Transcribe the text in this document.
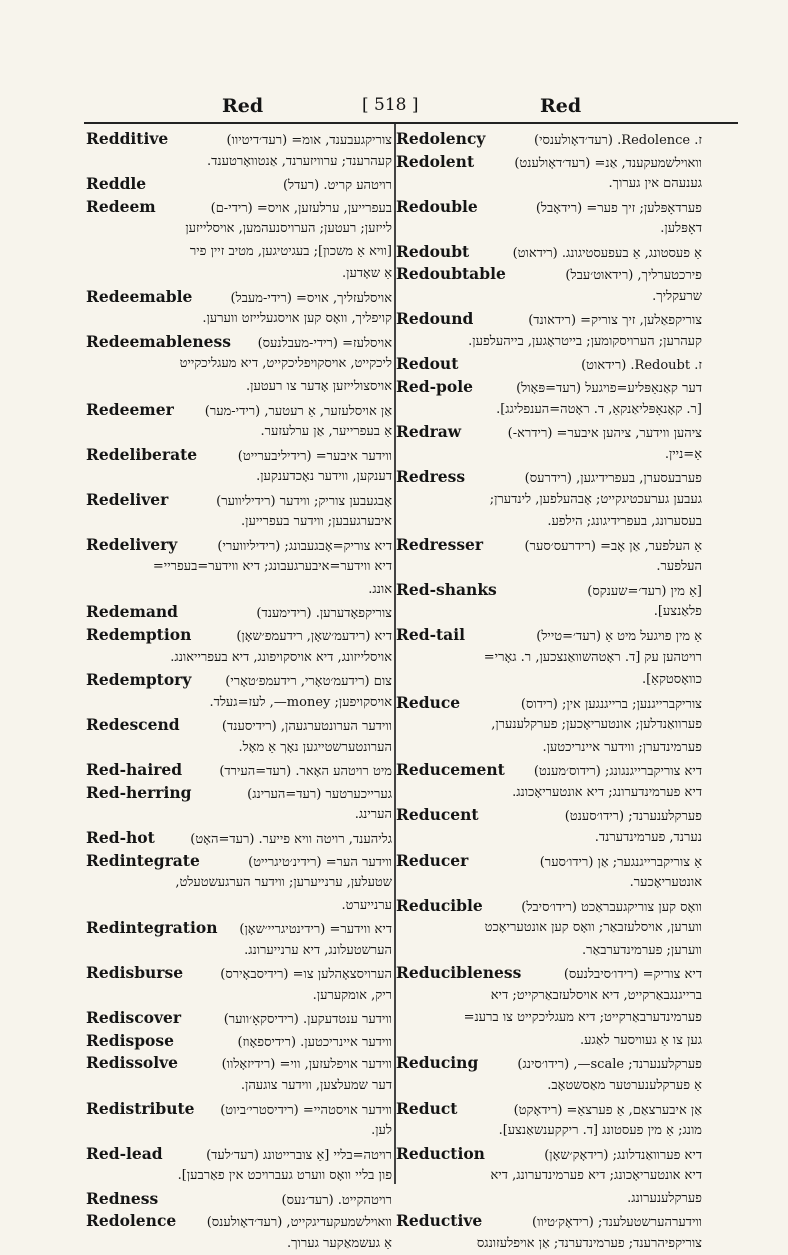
Red	[ 518 ]	Red
Redditive	צוריקגעבענד, אומ= (רעד׳דיטיוו)
קעהרענד; ערוויזערנד, אַנטוואָרטענד.
Reddle	רויטהע קריט. (רעדל)
Redeem	בעפרייען, ערלעזען, אויס= (רידי-ם)
לייזען; רעטען; הערויסנעהמען, אויסלייזען
[וויא אַ משכון]; בעגיטיגען, מטיב זיין פיר
אַ שאָדען.
Redeemable	אויסלעזליך, אויס= (רידי-מעבל)
קויפליך, וואָס קען אויסגעלייזט ווערען.
Redeemableness	אויסלעז= (רידי-מעבלנעס)
ליכקייט, אויסקויפליכקייט, דיא מעגליכקייט
אויסצולייזען אָדער צו רעטען.
Redeemer	אַן אויסלעזער, אַ רעטער, (רידי-מער)
אַ בעפרייער, אַן ערלעזער.
Redeliberate	ווידער איבער= (רידיליבערייט)
דענקען, ווידער נאָכדענקען.
Redeliver	אָבגעבען צוריק; ווידער (רידיליווער)
איבערגעבען; ווידער בעפרייען.
Redelivery	דיא צוריק=אָבגעבונג; (רידיליווערי)
דיא ווידער=איבערגעבונג; דיא ווידער=בעפריי=
אונג.
Redemand	צוריקפאָדערען. (רידימענד)
Redemption	דיא (רידעמ׳שאָן, רידעמפ׳שאָן)
אויסלייזונג, דיא אויסקויפונג, דיא בעפרייאונג.
Redemptory	צום (רידעמ׳טאָרי, רידעמפ׳טאָרי)
אויסקויפען; money—, לעז=געלד.
Redescend	ווידער הערונטערגעהן, (רידיסענד)
הערונטערשטייגען נאָך אַ מאָל.
Red-haired	מיט רויטהע האָאר. (רעד=העירד)
Red-herring	גערייכערטער (רעד=הערינג)
הערינג.
Red-hot	גליהענד, רויטה וויא פייער. (רעד=האָט)
Redintegrate	ווידער הער= (רידינ׳טיגרייט)
שטעלען, ערנייערען; ווידער הערגעשטעלט,
ערנייערט.
Redintegration	דיא ווידער= (רידינטיגריי׳שאָן)
הערשטעלונג, דיא ערנייערונג.
Redisburse	הערויסצאָהלען צו= (רידיסבאָירס)
ריק, אומקערען.
Rediscover	ווידער ענטדעקען. (רידיסקאָ׳ווער)
Redispose	ווידער איינריכטען. (רידיספאָוז)
Redissolve	ווידער אויפלעזען, ווי= (רידיזאָלוו)
דער שמעלצען, ווידער צוגעהן.
Redistribute	ווידער אויסטהיי= (רידיסטרי׳ביוט)
לען.
Red-lead	רויטה=בליי [אַ צוברייטונג (רעד׳לעד)
פון בליי וואָס ווערט געברויכט אין פאַרבען].
Redness	רויטהקייט. (רעד׳נעס)
Redolence	וואוילשמעקעדיגקייט, (רעד׳דאָולענס)
אַ געשמאַקער גערוך.
Redolency	ז. Redolence. (רעד׳דאָולענסי)
Redolent	וואוילשמעקענד, אַנ= (רעד׳דאָולענט)
גענעהם אין גערוך.
Redouble	פערדאָפּלען; זיך פער= (רידאָבל)
דאָפּלען.
Redoubt	אַ פעסטונג, אַ בעפעסטיגונג. (רידאוט)
Redoubtable	פירכטערליך, (רידאוט׳עבל)
שרעקליך.
Redound	צוריקפאַלען, זיך צוריק= (רידאונד)
קעהרען; הערויסקומען; בייטראָגען, בייהעלפען.
Redout	ז. Redoubt. (רידאוט)
Red-pole	דער קאַנאַפּליע=פויגעל (רעד=פּאָול)
[ר. קאָנאָפּליאַנקאַ, ד. ראָטה=הענפליגג].
Redraw	ציהען ווידער, ציהען איבער= (רידרא-)
אַ=ניין.
Redress	פערבעסערן, בעפרידיגען, (רידרעס)
געבען גערעכטיגקייט; אָבהעלפען, לינדערן;
בעסערונג, בעפרידיגונג; הילפע.
Redresser	אַ העלפער, אַן אָב= (רידרעס׳סער)
העלפער.
Red-shanks	[אַ מין (רעד׳=שענקס)
פלאַנצע].
Red-tail	אַ מין פויגעל מיט אַ (רעד׳=טייל)
רויטהען עק [ד. ראָטהשוואַנצכען, ר. גאָרי=
כוואָסטקאַ].
Reduce	צוריקברייגנען; ברייגנגען אין; (רידוס)
פערוואַנדלען; אונטעריאָכען; פערקלענערן,
פערמינדערן; ווידער איינריכטען.
Reducement	דיא צוריקברייגנגונג; (רידוס׳מענט)
דיא פערמינדערונג; דיא אונטעריאָכונג.
Reducent	פערקלענערנד; (רידו׳סענט)
נערנד, פערמינדערנד.
Reducer	אַ צוריקברייגנגער; אַן (רידו׳סער)
אונטעריאָכער.
Reducible	וואָס קען צוריקגעבראַכט (רידו׳סיבל)
ווערען, אויסלעזבאַר; וואָס קען אונטעריאָכט
ווערען; פערמינדערבאַר.
Reducibleness	דיא צוריק= (רידו׳סיבלנעס)
ברייגנגבאַרקייט, דיא אויסלעזבאַרקייט; דיא
פערמינדערבאַרקייט; דיא מעגליכקייט צו ברענ=
גען צו אַ געוויסער לאַגע.
Reducing	פערקלענערנד; scale—, (רידו׳סינג)
אַ פערקלענערטער מאַסשטאָב.
Reduct	אַן איבערצאַם, אַ פערצאַ= (רידאָקט)
מונג; אַ מין פעסטונג [ד. ריקקענשאַנצע].
Reduction	דיא פערוואַנדלונג; (רידאָק׳שאָן)
דיא אונטעריאָכונג; דיא פערמינדערונג, דיא
פערקלענערונג.
Reductive	ווידערהערשטעלענד; (רידאָק׳טיוו)
צוריקפיהרענד; פערמינדערנד; אַן אויפלעזונגס
